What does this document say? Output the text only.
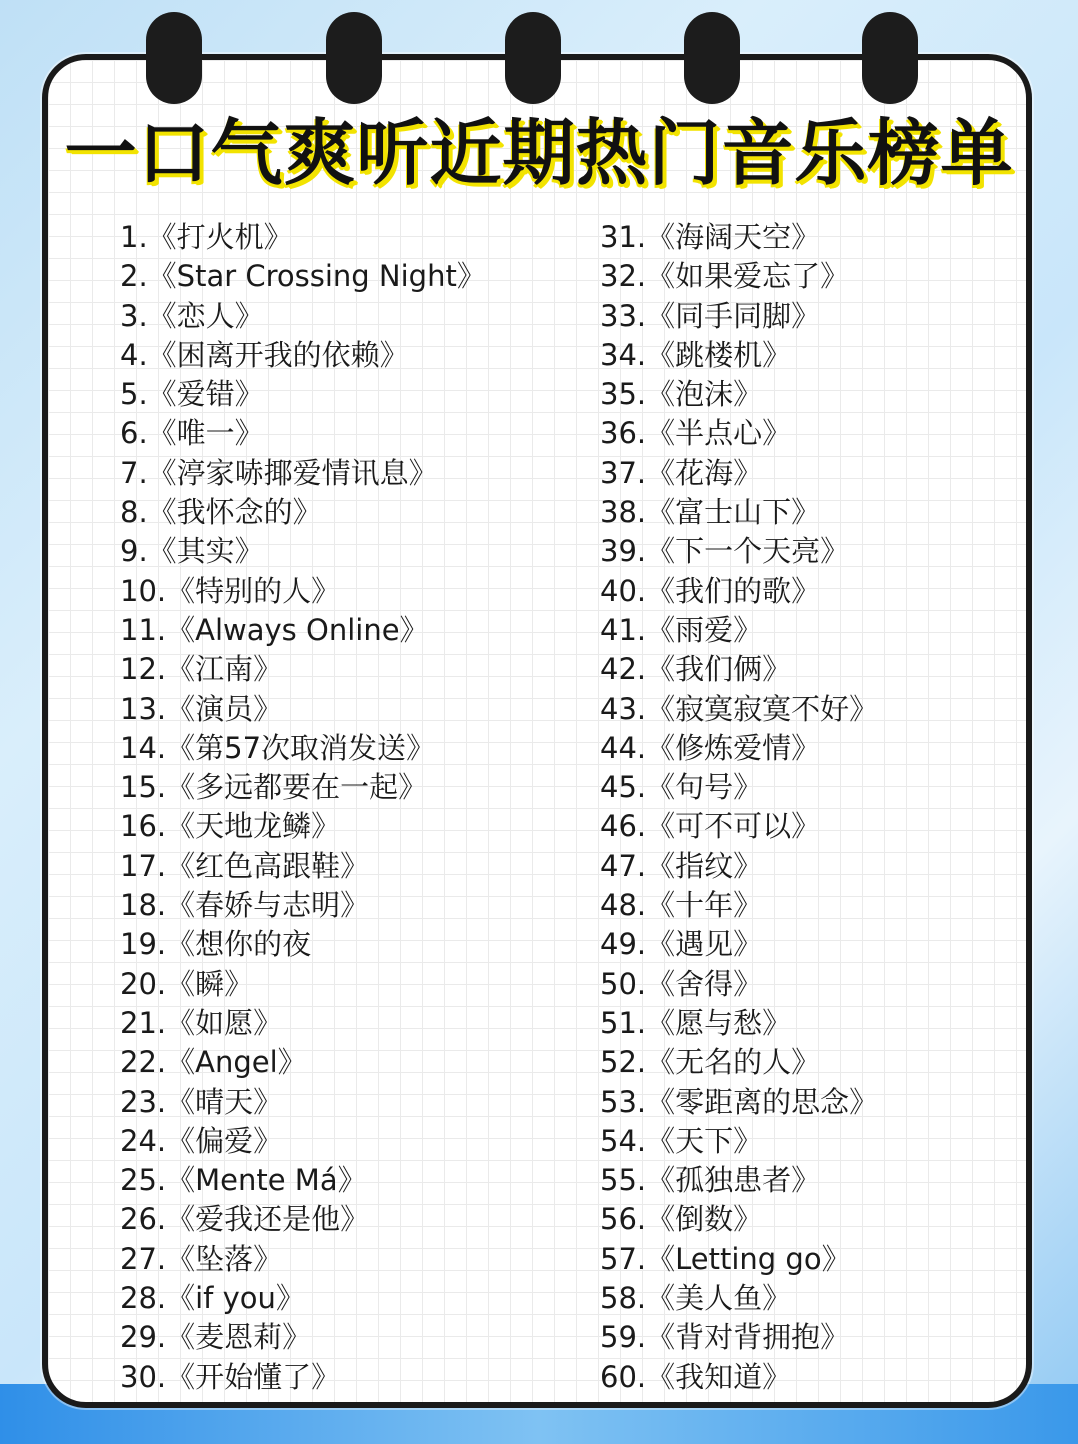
一口气爽听近期热门音乐榜单
1.《打火机》
2.《Star Crossing Night》
3.《恋人》
4.《困离开我的依赖》
5.《爱错》
6.《唯一》
7.《渟家哧揶爱情讯息》
8.《我怀念的》
9.《其实》
10.《特别的人》
11.《Always Online》
12.《江南》
13.《演员》
14.《第57次取消发送》
15.《多远都要在一起》
16.《天地龙鳞》
17.《红色高跟鞋》
18.《春娇与志明》
19.《想你的夜
20.《瞬》
21.《如愿》
22.《Angel》
23.《晴天》
24.《偏爱》
25.《Mente Má》
26.《爱我还是他》
27.《坠落》
28.《if you》
29.《麦恩莉》
30.《开始懂了》
31.《海阔天空》
32.《如果爱忘了》
33.《同手同脚》
34.《跳楼机》
35.《泡沫》
36.《半点心》
37.《花海》
38.《富士山下》
39.《下一个天亮》
40.《我们的歌》
41.《雨爱》
42.《我们俩》
43.《寂寞寂寞不好》
44.《修炼爱情》
45.《句号》
46.《可不可以》
47.《指纹》
48.《十年》
49.《遇见》
50.《舍得》
51.《愿与愁》
52.《无名的人》
53.《零距离的思念》
54.《天下》
55.《孤独患者》
56.《倒数》
57.《Letting go》
58.《美人鱼》
59.《背对背拥抱》
60.《我知道》
